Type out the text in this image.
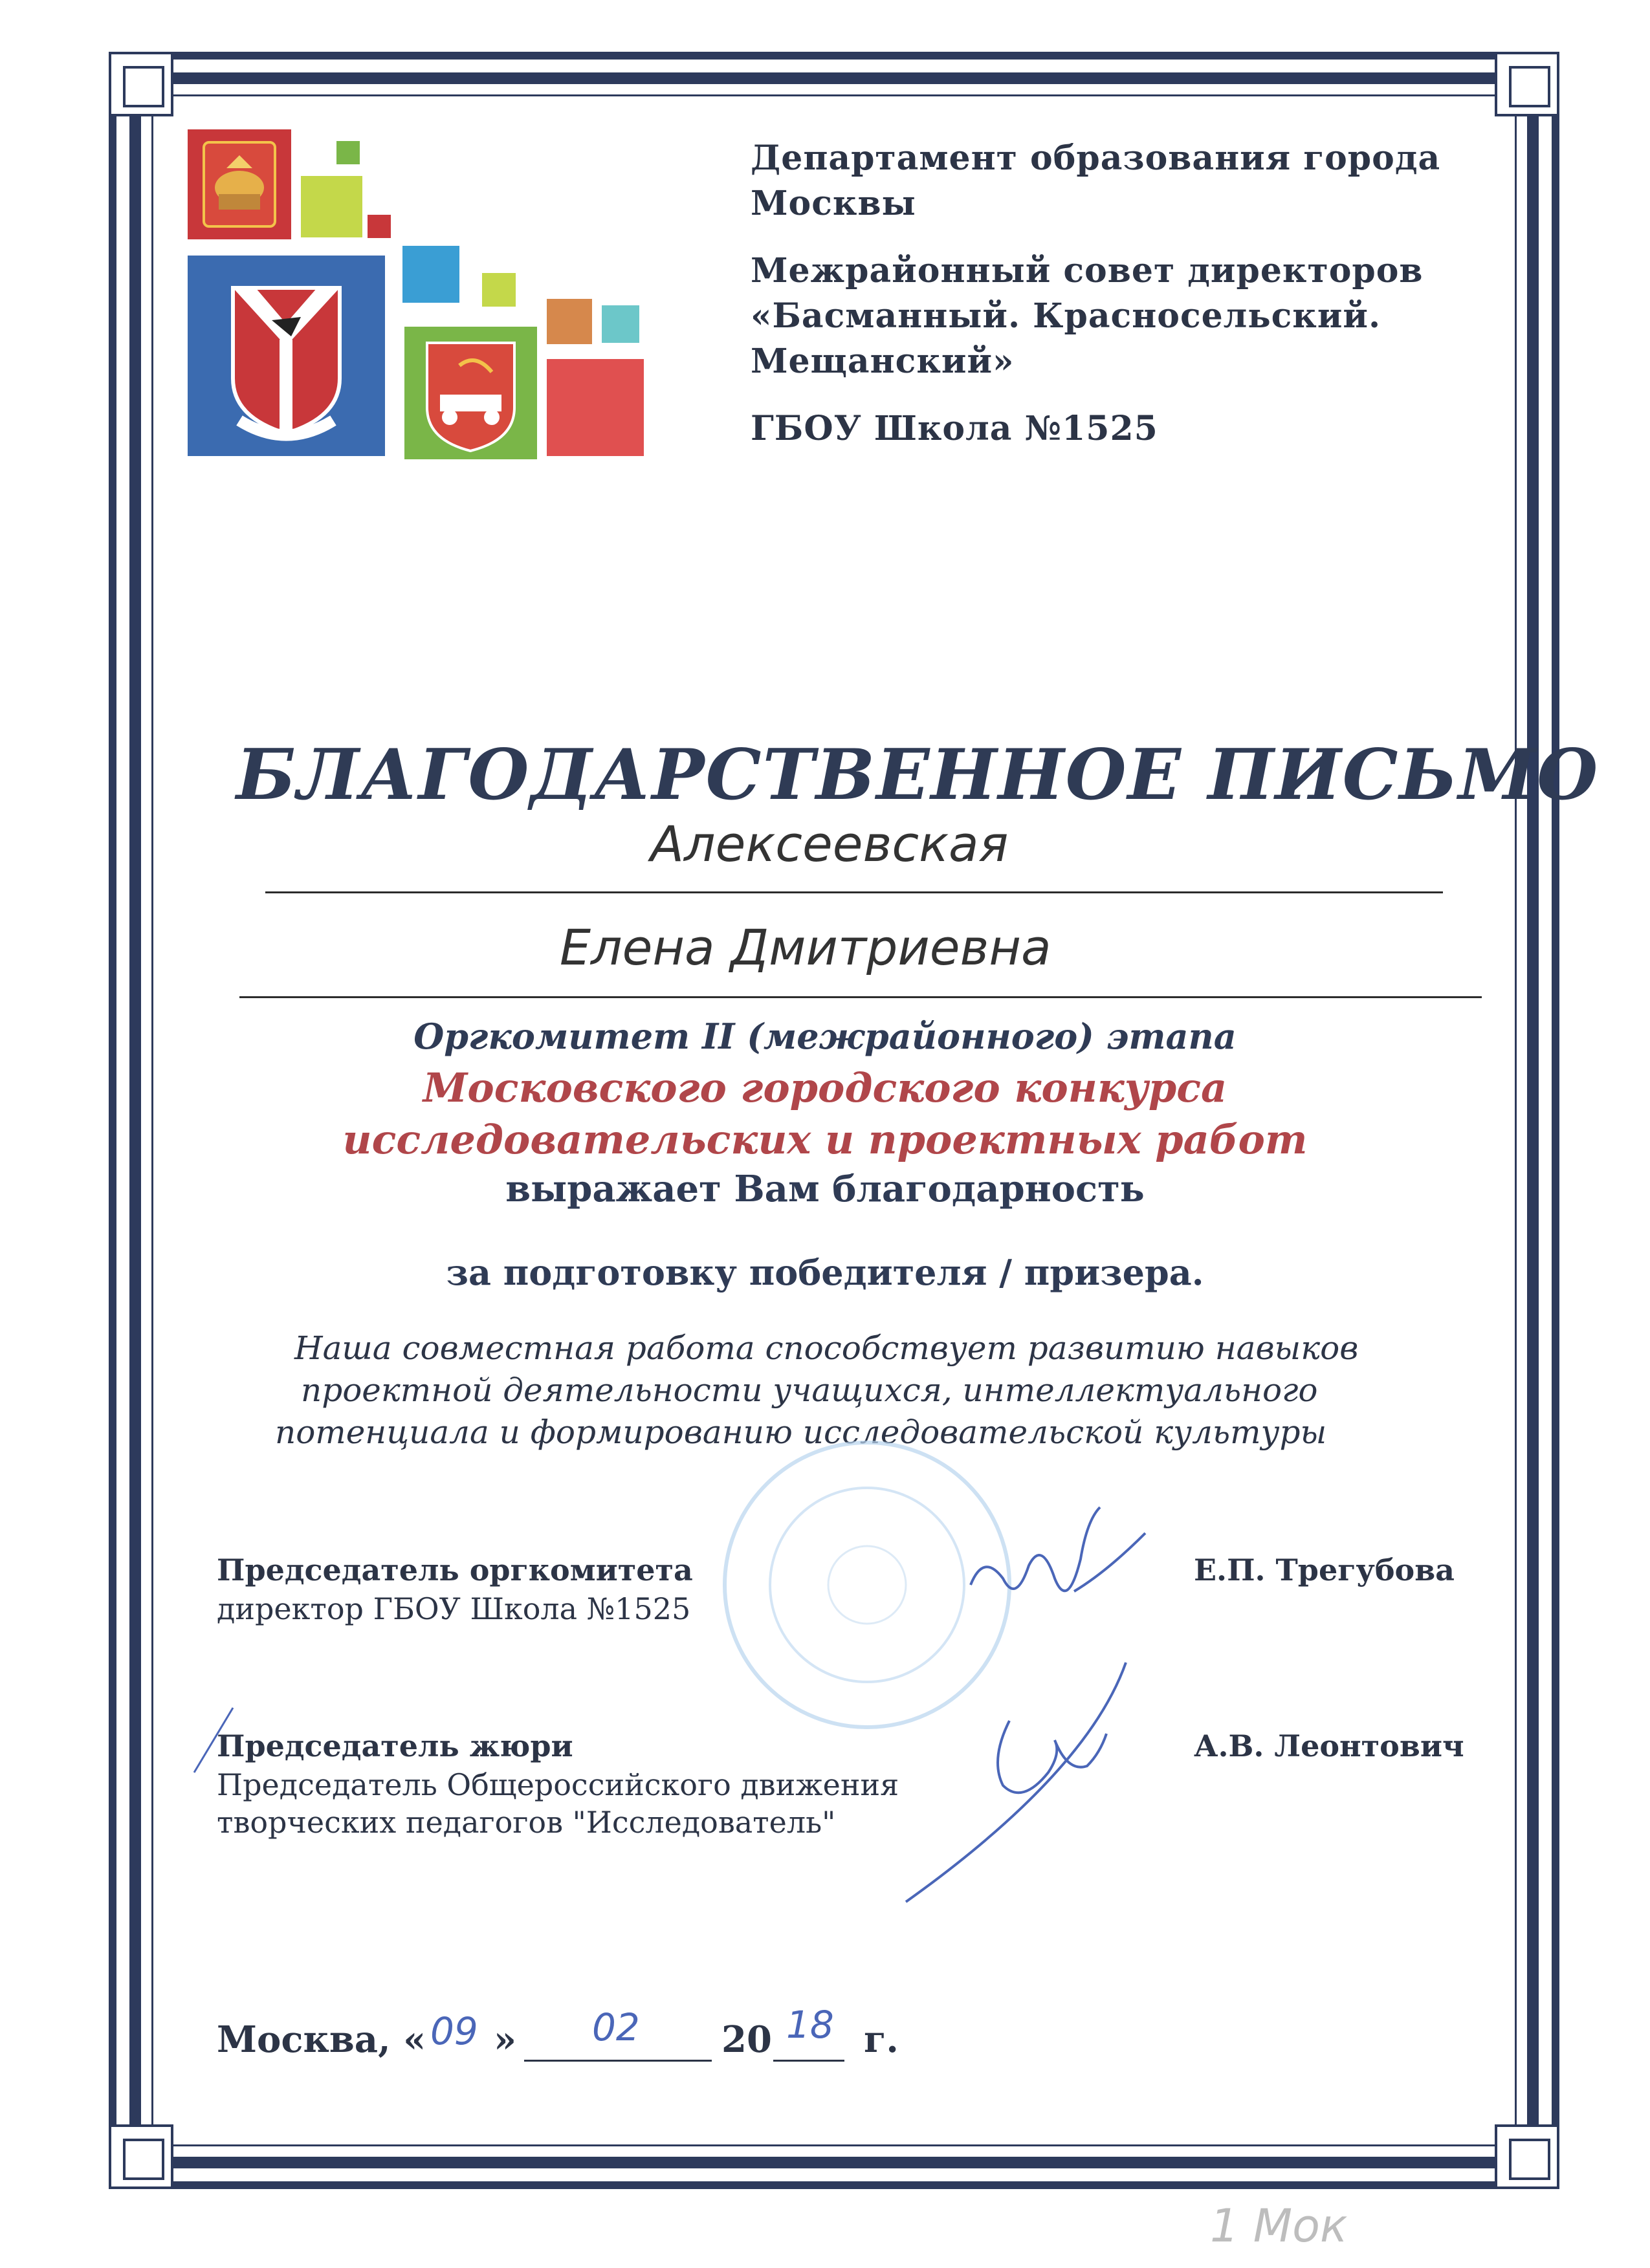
Департамент образования города
Москвы
Межрайонный совет директоров
«Басманный. Красносельский.
Мещанский»
ГБОУ Школа №1525
БЛАГОДАРСТВЕННОЕ ПИСЬМО
Алексеевская
Елена Дмитриевна
Оргкомитет II (межрайонного) этапа
Московского городского конкурса
исследовательских и проектных работ
выражает Вам благодарность
за подготовку победителя / призера.
Наша совместная работа способствует развитию навыков
проектной деятельности учащихся, интеллектуального
потенциала и формированию исследовательской культуры
Председатель оргкомитета
директор ГБОУ Школа №1525
Е.П. Трегубова
Председатель жюри
Председатель Общероссийского движения
творческих педагогов "Исследователь"
А.В. Леонтович
Москва, « 09 » 02 20 18 г.
1 Мок
